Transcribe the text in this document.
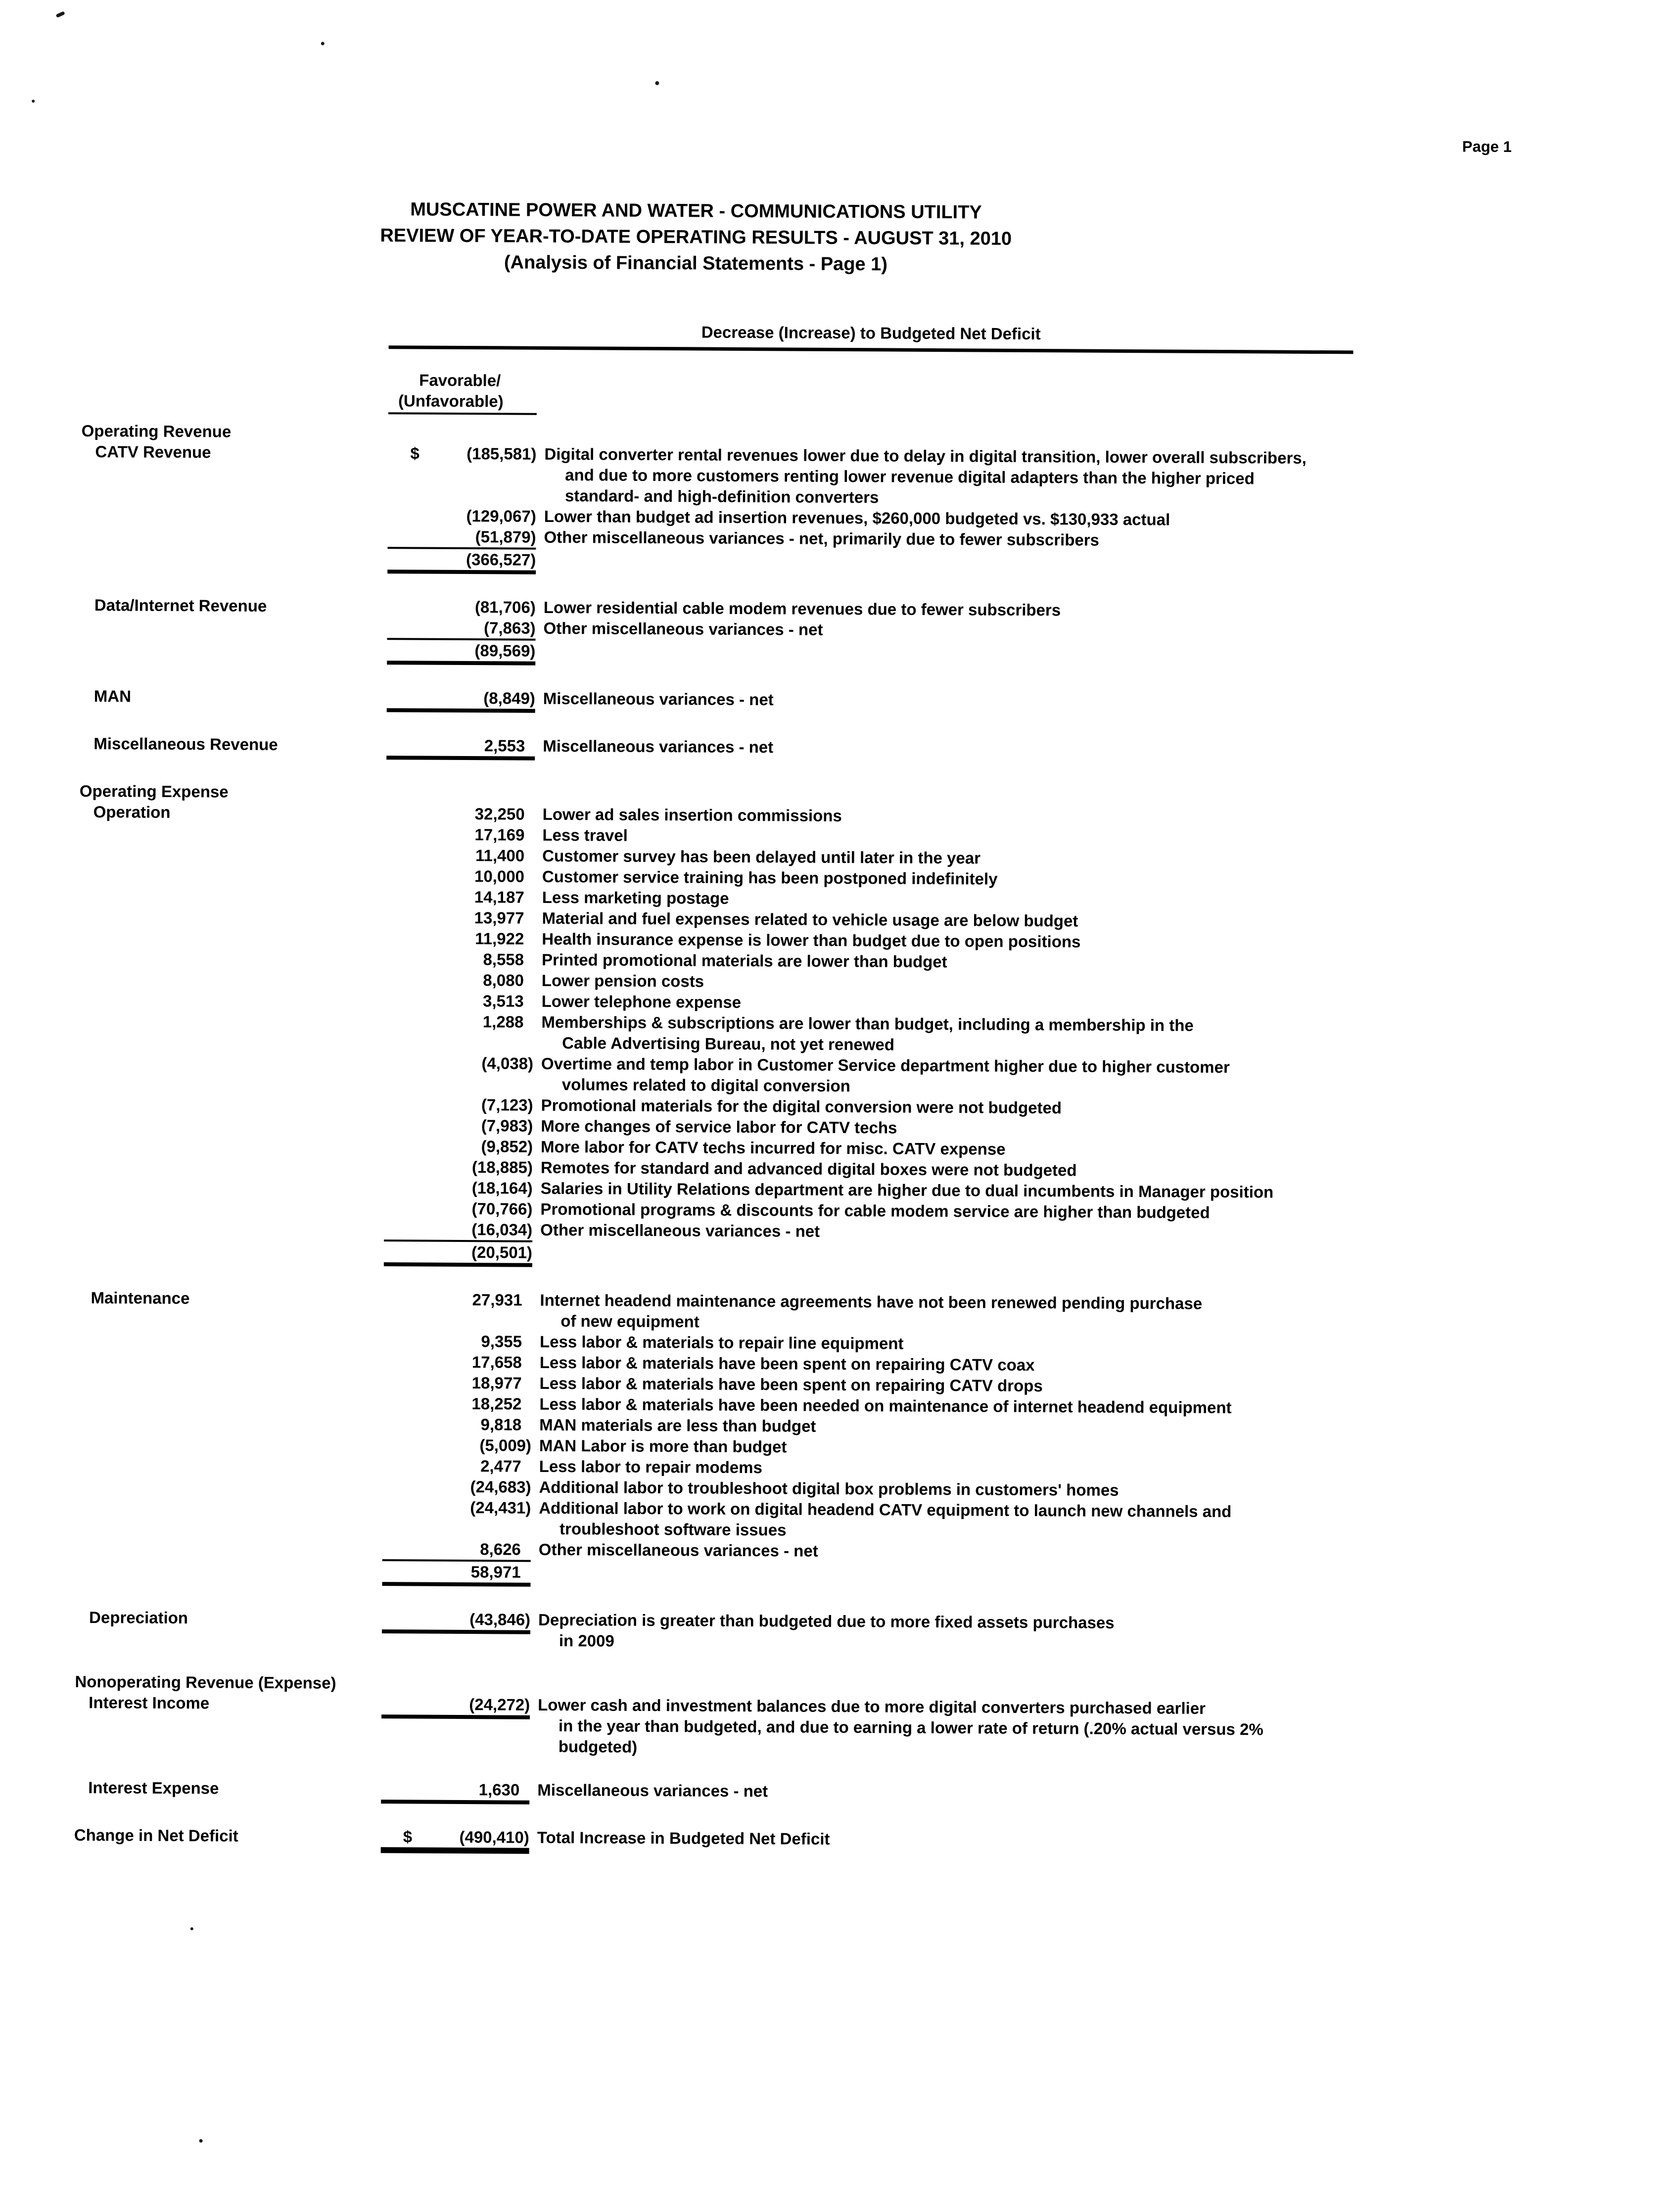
Page 1
MUSCATINE POWER AND WATER - COMMUNICATIONS UTILITY
REVIEW OF YEAR-TO-DATE OPERATING RESULTS - AUGUST 31, 2010
(Analysis of Financial Statements - Page 1)
Decrease (Increase) to Budgeted Net Deficit
Favorable/
(Unfavorable)
Operating Revenue
CATV Revenue	$	(185,581) Digital converter rental revenues lower due to delay in digital transition, lower overall subscribers,
and due to more customers renting lower revenue digital adapters than the higher priced
standard- and high-definition converters
(129,067) Lower than budget ad insertion revenues, $260,000 budgeted vs. $130,933 actual
(51,879) Other miscellaneous variances - net, primarily due to fewer subscribers
(366,527)
Data/Internet Revenue	(81,706) Lower residential cable modem revenues due to fewer subscribers
(7,863) Other miscellaneous variances - net
(89,569)
MAN	(8,849) Miscellaneous variances - net
Miscellaneous Revenue	2,553	Miscellaneous variances - net
Operating Expense
Operation	32,250	Lower ad sales insertion commissions
17,169	Less travel
11,400	Customer survey has been delayed until later in the year
10,000	Customer service training has been postponed indefinitely
14,187	Less marketing postage
13,977	Material and fuel expenses related to vehicle usage are below budget
11,922	Health insurance expense is lower than budget due to open positions
8,558	Printed promotional materials are lower than budget
8,080	Lower pension costs
3,513	Lower telephone expense
1,288	Memberships & subscriptions are lower than budget, including a membership in the
Cable Advertising Bureau, not yet renewed
(4,038) Overtime and temp labor in Customer Service department higher due to higher customer
volumes related to digital conversion
(7,123) Promotional materials for the digital conversion were not budgeted
(7,983) More changes of service labor for CATV techs
(9,852) More labor for CATV techs incurred for misc. CATV expense
(18,885) Remotes for standard and advanced digital boxes were not budgeted
(18,164) Salaries in Utility Relations department are higher due to dual incumbents in Manager position
(70,766) Promotional programs & discounts for cable modem service are higher than budgeted
(16,034) Other miscellaneous variances - net
(20,501)
Maintenance	27,931	Internet headend maintenance agreements have not been renewed pending purchase
of new equipment
9,355	Less labor & materials to repair line equipment
17,658	Less labor & materials have been spent on repairing CATV coax
18,977	Less labor & materials have been spent on repairing CATV drops
18,252	Less labor & materials have been needed on maintenance of internet headend equipment
9,818	MAN materials are less than budget
(5,009) MAN Labor is more than budget
2,477	Less labor to repair modems
(24,683) Additional labor to troubleshoot digital box problems in customers' homes
(24,431) Additional labor to work on digital headend CATV equipment to launch new channels and
troubleshoot software issues
8,626	Other miscellaneous variances - net
58,971
Depreciation	(43,846) Depreciation is greater than budgeted due to more fixed assets purchases
in 2009
Nonoperating Revenue (Expense)
Interest Income	(24,272) Lower cash and investment balances due to more digital converters purchased earlier
in the year than budgeted, and due to earning a lower rate of return (.20% actual versus 2%
budgeted)
Interest Expense	1,630	Miscellaneous variances - net
Change in Net Deficit	$	(490,410) Total Increase in Budgeted Net Deficit
